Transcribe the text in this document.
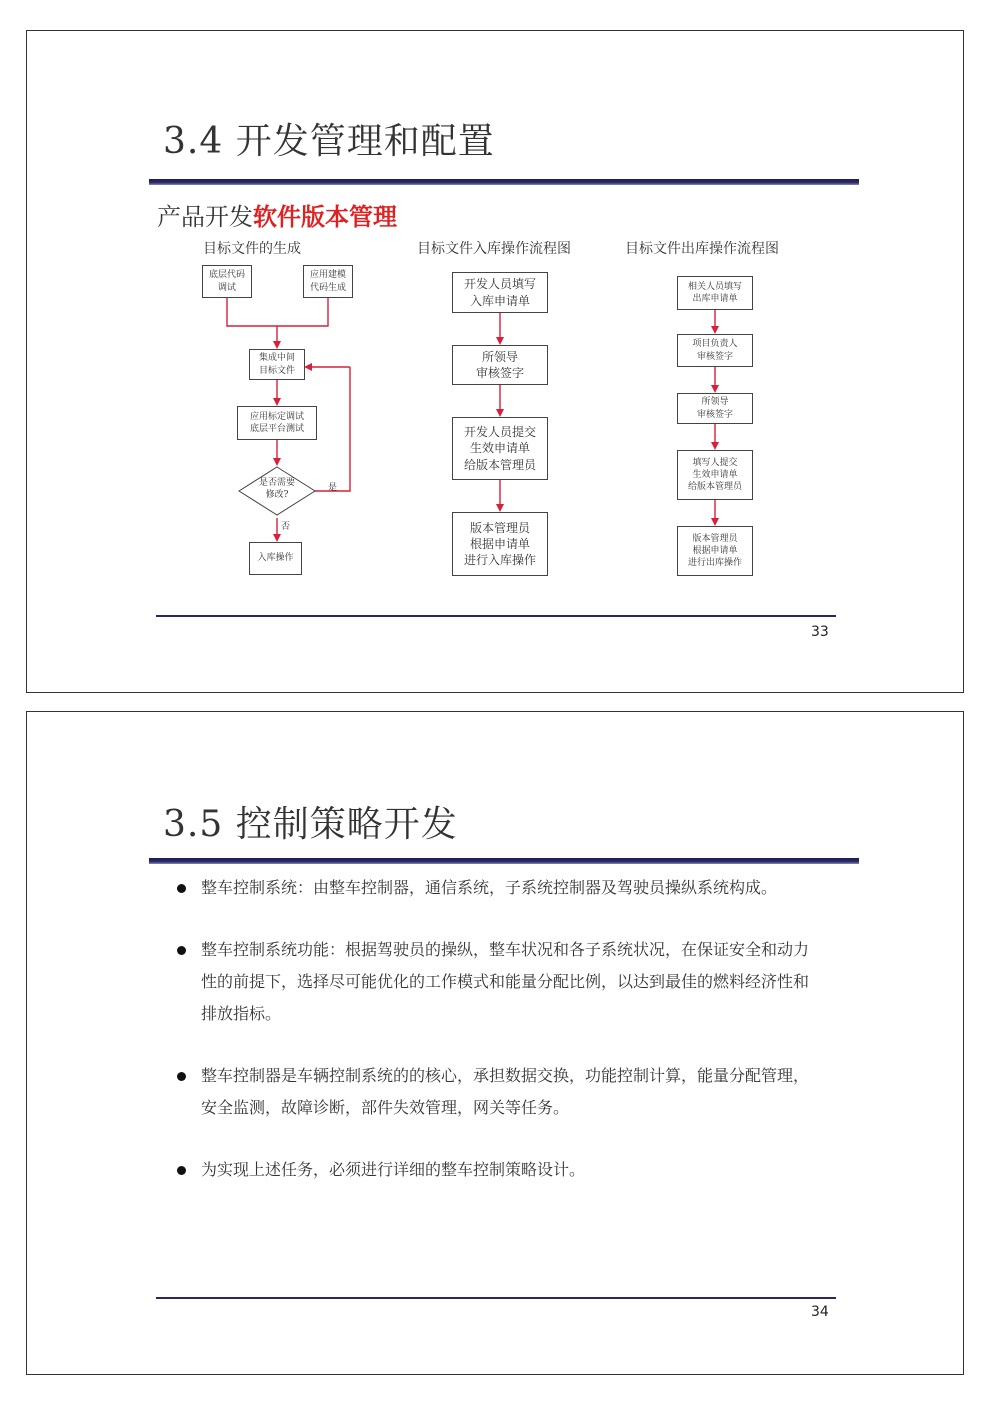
3.4 开发管理和配置
产品开发软件版本管理
目标文件的生成	目标文件入库操作流程图	目标文件出库操作流程图
底层代码
调试
应用建模
代码生成
集成中间
目标文件
应用标定调试
底层平台测试
是否需要
修改?
是
否
入库操作
开发人员填写
入库申请单
所领导
审核签字
开发人员提交
生效申请单
给版本管理员
版本管理员
根据申请单
进行入库操作
相关人员填写
出库申请单
项目负责人
审核签字
所领导
审核签字
填写人提交
生效申请单
给版本管理员
版本管理员
根据申请单
进行出库操作
33
3.5 控制策略开发
整车控制系统：由整车控制器，通信系统，子系统控制器及驾驶员操纵系统构成。
整车控制系统功能：根据驾驶员的操纵，整车状况和各子系统状况，在保证安全和动力性的前提下，选择尽可能优化的工作模式和能量分配比例，以达到最佳的燃料经济性和排放指标。
整车控制器是车辆控制系统的的核心，承担数据交换，功能控制计算，能量分配管理，安全监测，故障诊断，部件失效管理，网关等任务。
为实现上述任务，必须进行详细的整车控制策略设计。
34
